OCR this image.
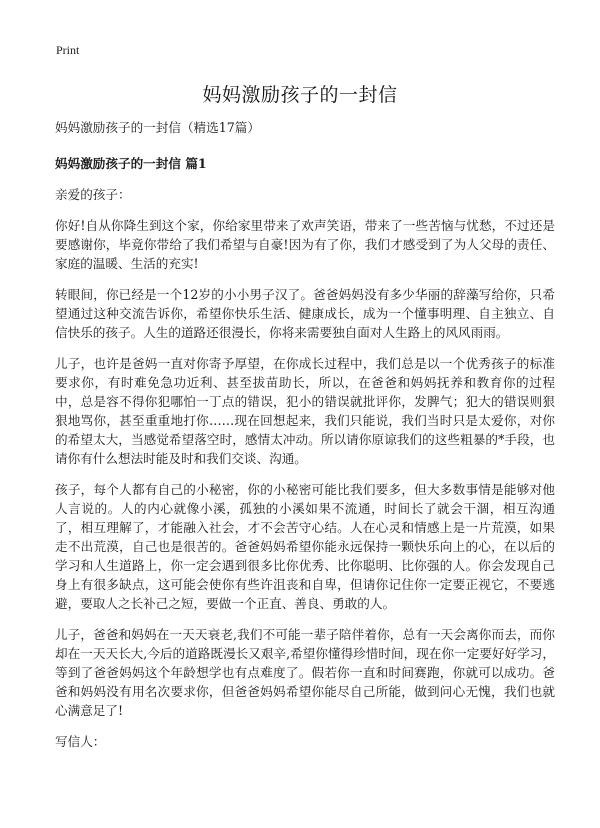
Print
妈妈激励孩子的一封信

妈妈激励孩子的一封信（精选17篇）

妈妈激励孩子的一封信 篇1

亲爱的孩子：

你好!自从你降生到这个家，你给家里带来了欢声笑语，带来了一些苦恼与忧愁，不过还是要感谢你，毕竟你带给了我们希望与自豪!因为有了你，我们才感受到了为人父母的责任、家庭的温暖、生活的充实!

转眼间，你已经是一个12岁的小小男子汉了。爸爸妈妈没有多少华丽的辞藻写给你，只希望通过这种交流告诉你，希望你快乐生活、健康成长，成为一个懂事明理、自主独立、自信快乐的孩子。人生的道路还很漫长，你将来需要独自面对人生路上的风风雨雨。

儿子，也许是爸妈一直对你寄予厚望，在你成长过程中，我们总是以一个优秀孩子的标准要求你，有时难免急功近利、甚至拔苗助长，所以，在爸爸和妈妈抚养和教育你的过程中，总是容不得你犯哪怕一丁点的错误，犯小的错误就批评你，发脾气；犯大的错误则狠狠地骂你，甚至重重地打你……现在回想起来，我们只能说，我们当时只是太爱你，对你的希望太大，当感觉希望落空时，感情太冲动。所以请你原谅我们的这些粗暴的*手段，也请你有什么想法时能及时和我们交谈、沟通。

孩子，每个人都有自己的小秘密，你的小秘密可能比我们要多，但大多数事情是能够对他人言说的。人的内心就像小溪，孤独的小溪如果不流通，时间长了就会干涸，相互沟通了，相互理解了，才能融入社会，才不会苦守心结。人在心灵和情感上是一片荒漠，如果走不出荒漠，自己也是很苦的。爸爸妈妈希望你能永远保持一颗快乐向上的心，在以后的学习和人生道路上，你一定会遇到很多比你优秀、比你聪明、比你强的人。你会发现自己身上有很多缺点，这可能会使你有些许沮丧和自卑，但请你记住你一定要正视它，不要逃避，要取人之长补己之短，要做一个正直、善良、勇敢的人。

儿子，爸爸和妈妈在一天天衰老,我们不可能一辈子陪伴着你，总有一天会离你而去，而你却在一天天长大,今后的道路既漫长又艰辛,希望你懂得珍惜时间，现在你一定要好好学习，等到了爸爸妈妈这个年龄想学也有点难度了。假若你一直和时间赛跑，你就可以成功。爸爸和妈妈没有用名次要求你，但爸爸妈妈希望你能尽自己所能，做到问心无愧，我们也就心满意足了!

写信人：
